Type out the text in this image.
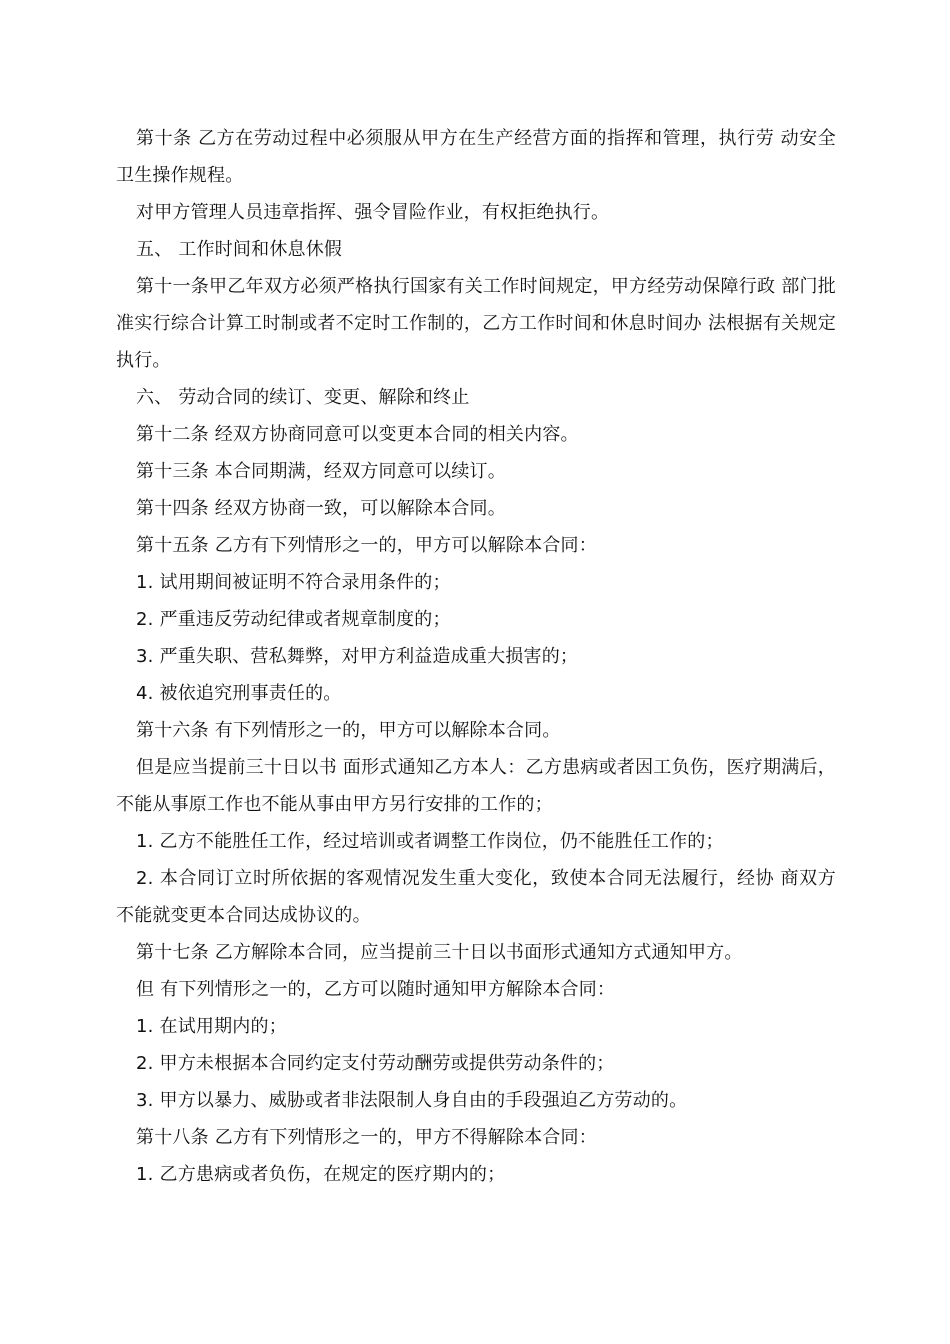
第十条 乙方在劳动过程中必须服从甲方在生产经营方面的指挥和管理，执行劳 动安全卫生操作规程。

对甲方管理人员违章指挥、强令冒险作业，有权拒绝执行。

五、 工作时间和休息休假

第十一条甲乙年双方必须严格执行国家有关工作时间规定，甲方经劳动保障行政 部门批准实行综合计算工时制或者不定时工作制的，乙方工作时间和休息时间办 法根据有关规定执行。

六、 劳动合同的续订、变更、解除和终止

第十二条 经双方协商同意可以变更本合同的相关内容。

第十三条 本合同期满，经双方同意可以续订。

第十四条 经双方协商一致，可以解除本合同。

第十五条 乙方有下列情形之一的，甲方可以解除本合同：

1. 试用期间被证明不符合录用条件的；

2. 严重违反劳动纪律或者规章制度的；

3. 严重失职、营私舞弊，对甲方利益造成重大损害的；

4. 被依追究刑事责任的。

第十六条 有下列情形之一的，甲方可以解除本合同。

但是应当提前三十日以书 面形式通知乙方本人：乙方患病或者因工负伤，医疗期满后，不能从事原工作也不能从事由甲方另行安排的工作的；

1. 乙方不能胜任工作，经过培训或者调整工作岗位，仍不能胜任工作的；

2. 本合同订立时所依据的客观情况发生重大变化，致使本合同无法履行，经协 商双方不能就变更本合同达成协议的。

第十七条 乙方解除本合同，应当提前三十日以书面形式通知方式通知甲方。

但 有下列情形之一的，乙方可以随时通知甲方解除本合同：

1. 在试用期内的；

2. 甲方未根据本合同约定支付劳动酬劳或提供劳动条件的；

3. 甲方以暴力、威胁或者非法限制人身自由的手段强迫乙方劳动的。

第十八条 乙方有下列情形之一的，甲方不得解除本合同：

1. 乙方患病或者负伤，在规定的医疗期内的；
